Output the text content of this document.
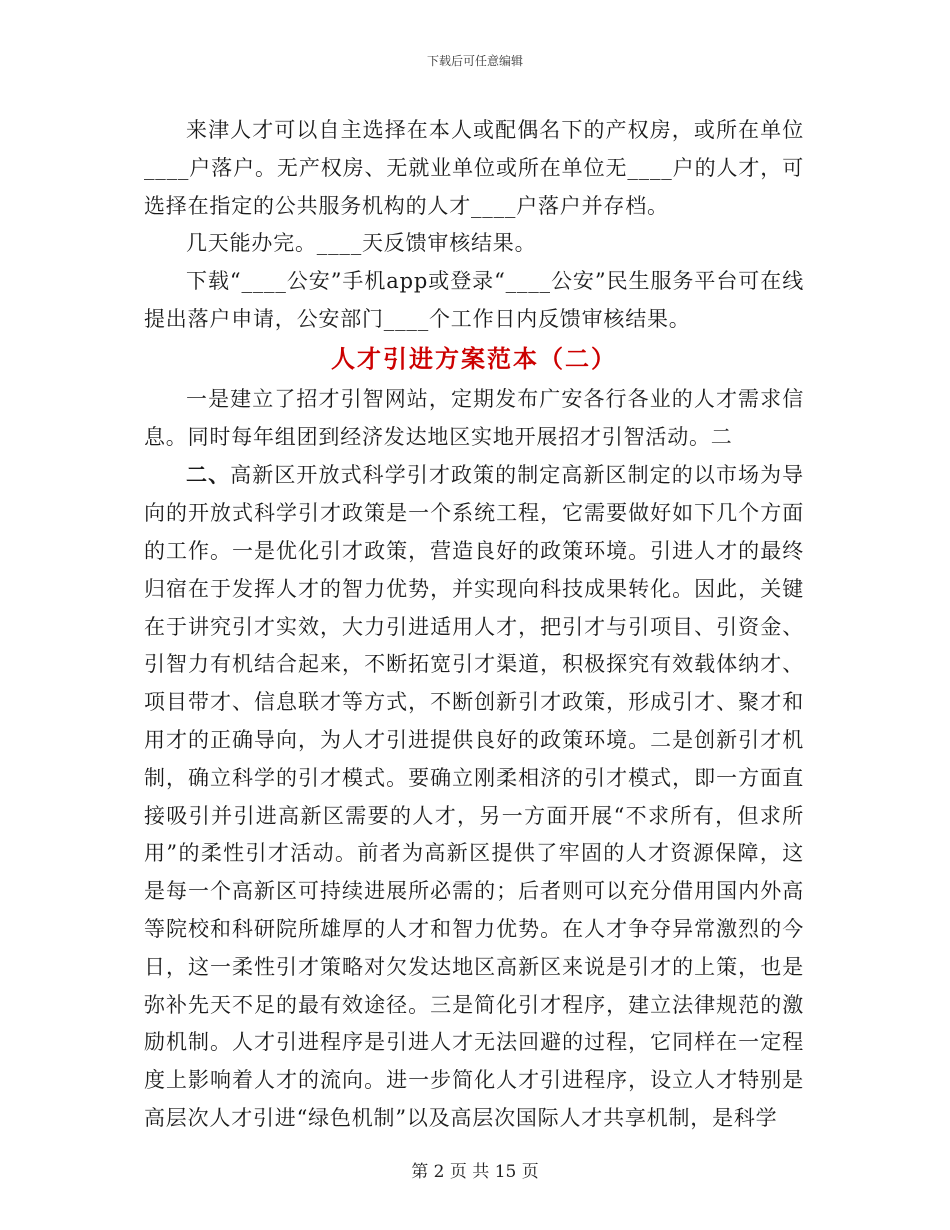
下载后可任意编辑

来津人才可以自主选择在本人或配偶名下的产权房，或所在单位____户落户。无产权房、无就业单位或所在单位无____户的人才，可选择在指定的公共服务机构的人才____户落户并存档。

几天能办完。____天反馈审核结果。

下载“____公安”手机app或登录“____公安”民生服务平台可在线提出落户申请，公安部门____个工作日内反馈审核结果。

人才引进方案范本（二）

一是建立了招才引智网站，定期发布广安各行各业的人才需求信息。同时每年组团到经济发达地区实地开展招才引智活动。二

二、高新区开放式科学引才政策的制定高新区制定的以市场为导向的开放式科学引才政策是一个系统工程，它需要做好如下几个方面的工作。一是优化引才政策，营造良好的政策环境。引进人才的最终归宿在于发挥人才的智力优势，并实现向科技成果转化。因此，关键在于讲究引才实效，大力引进适用人才，把引才与引项目、引资金、引智力有机结合起来，不断拓宽引才渠道，积极探究有效载体纳才、项目带才、信息联才等方式，不断创新引才政策，形成引才、聚才和用才的正确导向，为人才引进提供良好的政策环境。二是创新引才机制，确立科学的引才模式。要确立刚柔相济的引才模式，即一方面直接吸引并引进高新区需要的人才，另一方面开展“不求所有，但求所用”的柔性引才活动。前者为高新区提供了牢固的人才资源保障，这是每一个高新区可持续进展所必需的；后者则可以充分借用国内外高等院校和科研院所雄厚的人才和智力优势。在人才争夺异常激烈的今日，这一柔性引才策略对欠发达地区高新区来说是引才的上策，也是弥补先天不足的最有效途径。三是简化引才程序，建立法律规范的激励机制。人才引进程序是引进人才无法回避的过程，它同样在一定程度上影响着人才的流向。进一步简化人才引进程序，设立人才特别是高层次人才引进“绿色机制”以及高层次国际人才共享机制，是科学

第 2 页 共 15 页
